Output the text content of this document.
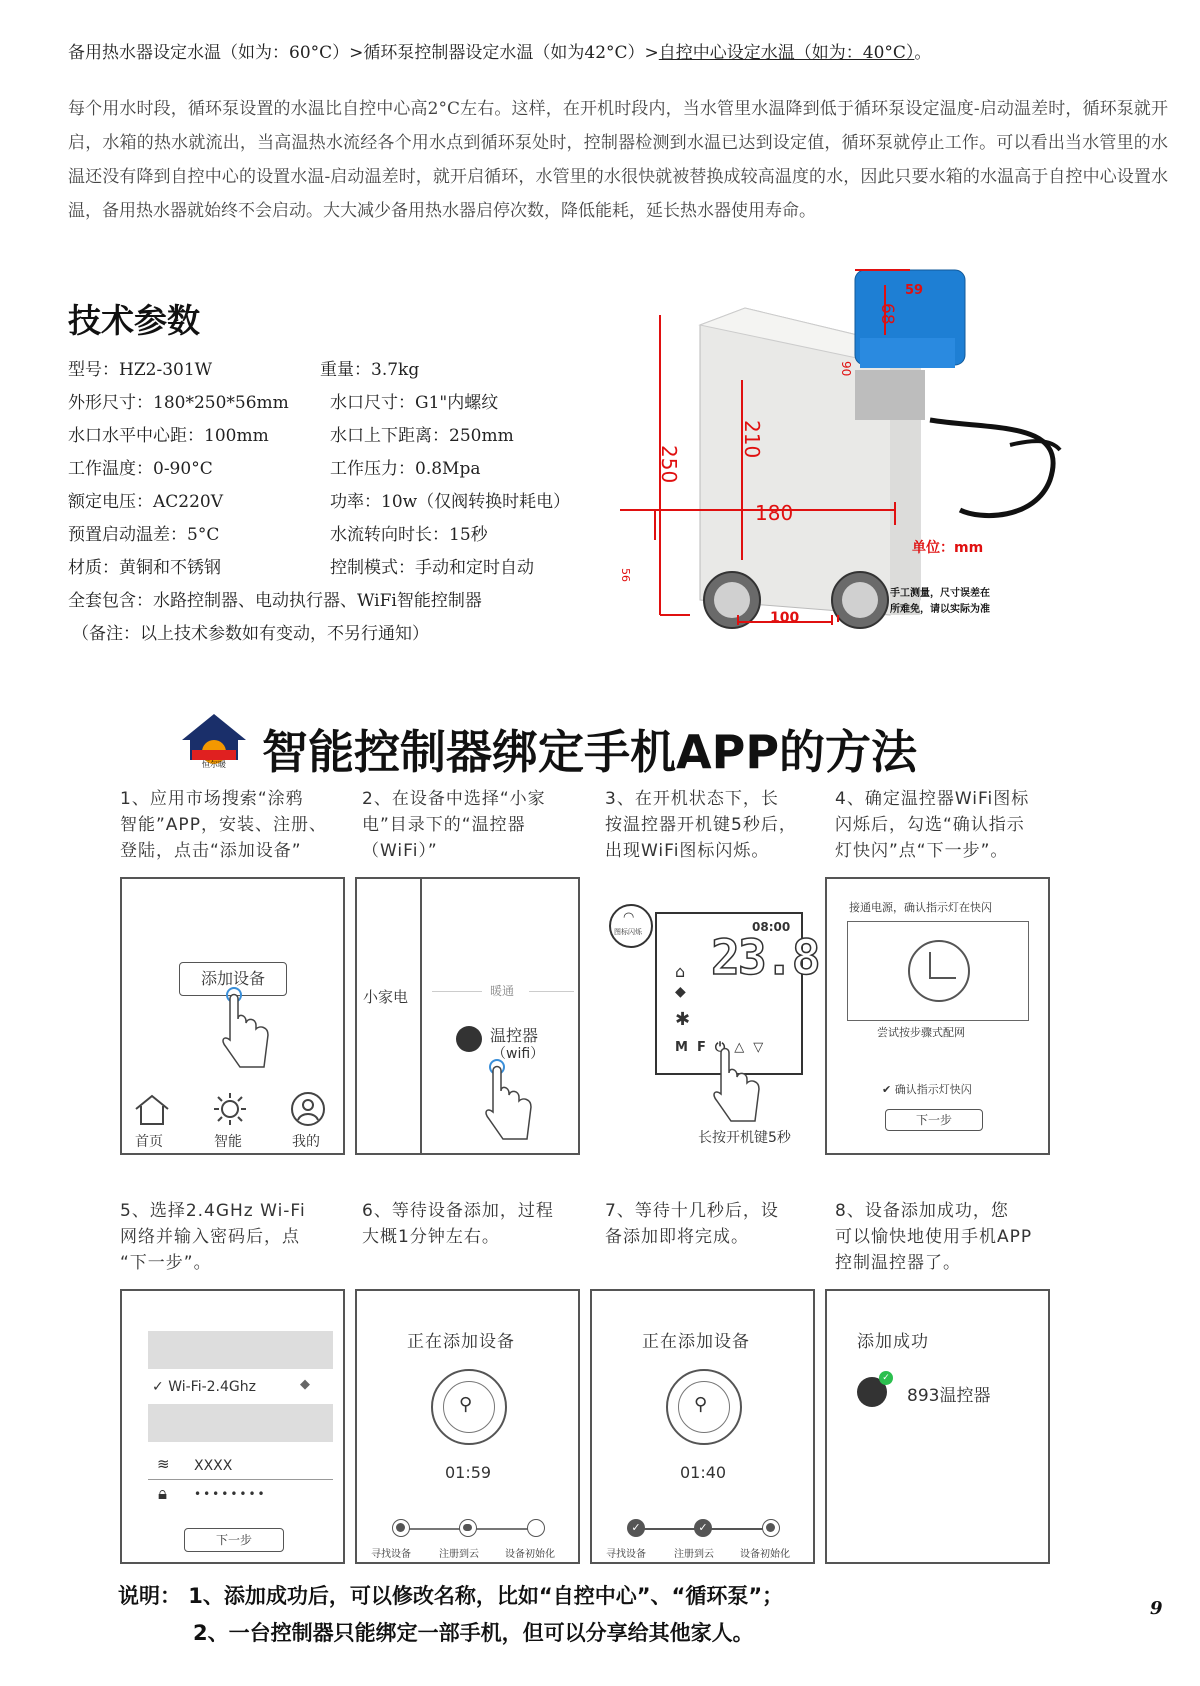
备用热水器设定水温（如为：60°C）>循环泵控制器设定水温（如为42°C）>自控中心设定水温（如为：40°C）。
每个用水时段，循环泵设置的水温比自控中心高2°C左右。这样，在开机时段内，当水管里水温降到低于循环泵设定温度-启动温差时，循环泵就开启，水箱的热水就流出，当高温热水流经各个用水点到循环泵处时，控制器检测到水温已达到设定值，循环泵就停止工作。可以看出当水管里的水温还没有降到自控中心的设置水温-启动温差时，就开启循环，水管里的水很快就被替换成较高温度的水，因此只要水箱的水温高于自控中心设置水温，备用热水器就始终不会启动。大大减少备用热水器启停次数，降低能耗，延长热水器使用寿命。
技术参数
型号：HZ2-301W	重量：3.7kg
外形尺寸：180*250*56mm 水口尺寸：G1"内螺纹
水口水平中心距：100mm	水口上下距离：250mm
工作温度：0-90°C	工作压力：0.8Mpa
额定电压：AC220V	功率：10w（仅阀转换时耗电）
预置启动温差：5°C	水流转向时长：15秒
材质：黄铜和不锈钢	控制模式：手动和定时自动
全套包含：水路控制器、电动执行器、WiFi智能控制器
（备注：以上技术参数如有变动，不另行通知）
250
210
180
59
68
90
56
单位：mm
100
手工测量，尺寸误差在
所难免，请以实际为准
恒尔暖 智能控制器绑定手机APP的方法
1、应用市场搜索“涂鸦
智能”APP，安装、注册、
登陆，点击“添加设备”
2、在设备中选择“小家
电”目录下的“温控器
（WiFi）”
3、在开机状态下，长
按温控器开机键5秒后，
出现WiFi图标闪烁。
4、确定温控器WiFi图标
闪烁后，勾选“确认指示
灯快闪”点“下一步”。
添加设备
首页	智能	我的
小家电	暖通
温控器
（wifi）
23.8
08:00
⌂
◆
✱
M  F  ⏻  △  ▽
图标闪烁
◠
长按开机键5秒
接通电源，确认指示灯在快闪
尝试按步骤式配网
✔ 确认指示灯快闪
下一步
5、选择2.4GHz Wi-Fi
网络并输入密码后，点
“下一步”。
6、等待设备添加，过程
大概1分钟左右。
7、等待十几秒后，设
备添加即将完成。
8、设备添加成功，您
可以愉快地使用手机APP
控制温控器了。
✓ Wi-Fi-2.4Ghz	◆
≋ XXXX
🔒︎ ••••••••
下一步
正在添加设备
⚲
01:59
寻找设备	注册到云	设备初始化
正在添加设备
⚲
01:40
✓	✓
寻找设备	注册到云	设备初始化
添加成功
✓
893温控器
说明： 1、添加成功后，可以修改名称，比如“自控中心”、“循环泵”；
2、一台控制器只能绑定一部手机，但可以分享给其他家人。
9
